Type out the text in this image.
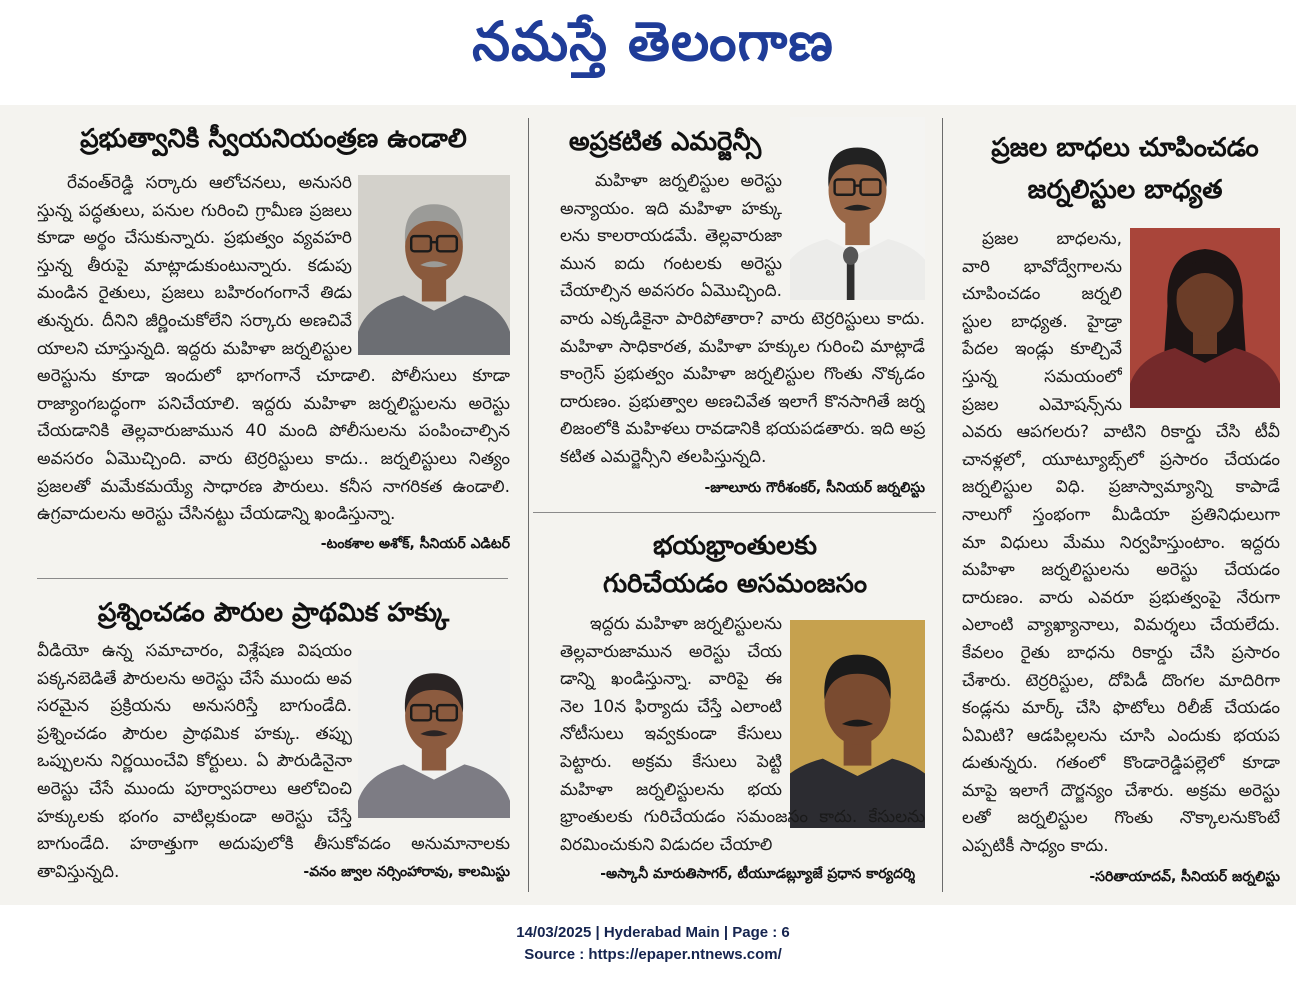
నమస్తే తెలంగాణ
ప్రభుత్వానికి స్వీయనియంత్రణ ఉండాలి
రేవంత్‌రెడ్డి సర్కారు ఆలోచనలు, అనుసరి
స్తున్న పద్ధతులు, పనుల గురించి గ్రామీణ ప్రజలు
కూడా అర్థం చేసుకున్నారు. ప్రభుత్వం వ్యవహరి
స్తున్న తీరుపై మాట్లాడుకుంటున్నారు. కడుపు
మండిన రైతులు, ప్రజలు బహిరంగంగానే తిడు
తున్నరు. దీనిని జీర్ణించుకోలేని సర్కారు అణచివే
యాలని చూస్తున్నది. ఇద్దరు మహిళా జర్నలిస్టుల
అరెస్టును కూడా ఇందులో భాగంగానే చూడాలి. పోలీసులు కూడా
రాజ్యాంగబద్ధంగా పనిచేయాలి. ఇద్దరు మహిళా జర్నలిస్టులను అరెస్టు
చేయడానికి తెల్లవారుజామున 40 మంది పోలీసులను పంపించాల్సిన
అవసరం ఏమొచ్చింది. వారు టెర్రరిస్టులు కాదు.. జర్నలిస్టులు నిత్యం
ప్రజలతో మమేకమయ్యే సాధారణ పౌరులు. కనీస నాగరికత ఉండాలి.
ఉగ్రవాదులను అరెస్టు చేసినట్టు చేయడాన్ని ఖండిస్తున్నా.
-టంకశాల అశోక్, సీనియర్ ఎడిటర్
ప్రశ్నించడం పౌరుల ప్రాథమిక హక్కు
వీడియో ఉన్న సమాచారం, విశ్లేషణ విషయం
పక్కనబెడితే పౌరులను అరెస్టు చేసే ముందు అవ
సరమైన ప్రక్రియను అనుసరిస్తే బాగుండేది.
ప్రశ్నించడం పౌరుల ప్రాథమిక హక్కు. తప్పు
ఒప్పులను నిర్ణయించేవి కోర్టులు. ఏ పౌరుడినైనా
అరెస్టు చేసే ముందు పూర్వాపరాలు ఆలోచించి
హక్కులకు భంగం వాటిల్లకుండా అరెస్టు చేస్తే
బాగుండేది. హఠాత్తుగా అదుపులోకి తీసుకోవడం అనుమానాలకు
తావిస్తున్నది.	-వనం జ్వాల నర్సింహారావు, కాలమిస్టు
అప్రకటిత ఎమర్జెన్సీ
మహిళా జర్నలిస్టుల అరెస్టు
అన్యాయం. ఇది మహిళా హక్కు
లను కాలరాయడమే. తెల్లవారుజా
మున ఐదు గంటలకు అరెస్టు
చేయాల్సిన అవసరం ఏమొచ్చింది.
వారు ఎక్కడికైనా పారిపోతారా? వారు టెర్రరిస్టులు కాదు.
మహిళా సాధికారత, మహిళా హక్కుల గురించి మాట్లాడే
కాంగ్రెస్ ప్రభుత్వం మహిళా జర్నలిస్టుల గొంతు నొక్కడం
దారుణం. ప్రభుత్వాల అణచివేత ఇలాగే కొనసాగితే జర్న
లిజంలోకి మహిళలు రావడానికి భయపడతారు. ఇది అప్ర
కటిత ఎమర్జెన్సీని తలపిస్తున్నది.
-జూలూరు గౌరీశంకర్, సీనియర్ జర్నలిస్టు
భయభ్రాంతులకు
గురిచేయడం అసమంజసం
ఇద్దరు మహిళా జర్నలిస్టులను
తెల్లవారుజామున అరెస్టు చేయ
డాన్ని ఖండిస్తున్నా. వారిపై ఈ
నెల 10న ఫిర్యాదు చేస్తే ఎలాంటి
నోటీసులు ఇవ్వకుండా కేసులు
పెట్టారు. అక్రమ కేసులు పెట్టి
మహిళా జర్నలిస్టులను భయ
భ్రాంతులకు గురిచేయడం సమంజసం కాదు. కేసులను
విరమించుకుని విడుదల చేయాలి
-అస్కానీ మారుతిసాగర్, టీయూడబ్ల్యూజే ప్రధాన కార్యదర్శి
ప్రజల బాధలు చూపించడం
జర్నలిస్టుల బాధ్యత
ప్రజల బాధలను,
వారి భావోద్వేగాలను
చూపించడం జర్నలి
స్టుల బాధ్యత. హైడ్రా
పేదల ఇండ్లు కూల్చివే
స్తున్న సమయంలో
ప్రజల ఎమోషన్స్‌ను
ఎవరు ఆపగలరు? వాటిని రికార్డు చేసి టీవీ
చానళ్లలో, యూట్యూబ్స్‌లో ప్రసారం చేయడం
జర్నలిస్టుల విధి. ప్రజాస్వామ్యాన్ని కాపాడే
నాలుగో స్తంభంగా మీడియా ప్రతినిధులుగా
మా విధులు మేము నిర్వహిస్తుంటాం. ఇద్దరు
మహిళా జర్నలిస్టులను అరెస్టు చేయడం
దారుణం. వారు ఎవరూ ప్రభుత్వంపై నేరుగా
ఎలాంటి వ్యాఖ్యానాలు, విమర్శలు చేయలేదు.
కేవలం రైతు బాధను రికార్డు చేసి ప్రసారం
చేశారు. టెర్రరిస్టుల, దోపిడీ దొంగల మాదిరిగా
కండ్లను మార్క్ చేసి ఫొటోలు రిలీజ్ చేయడం
ఏమిటి? ఆడపిల్లలను చూసి ఎందుకు భయప
డుతున్నరు. గతంలో కొండారెడ్డిపల్లెలో కూడా
మాపై ఇలాగే దౌర్జన్యం చేశారు. అక్రమ అరెస్టు
లతో జర్నలిస్టుల గొంతు నొక్కాలనుకొంటే
ఎప్పటికీ సాధ్యం కాదు.
-సరితాయాదవ్, సీనియర్ జర్నలిస్టు
14/03/2025 | Hyderabad Main | Page : 6
Source : https://epaper.ntnews.com/
